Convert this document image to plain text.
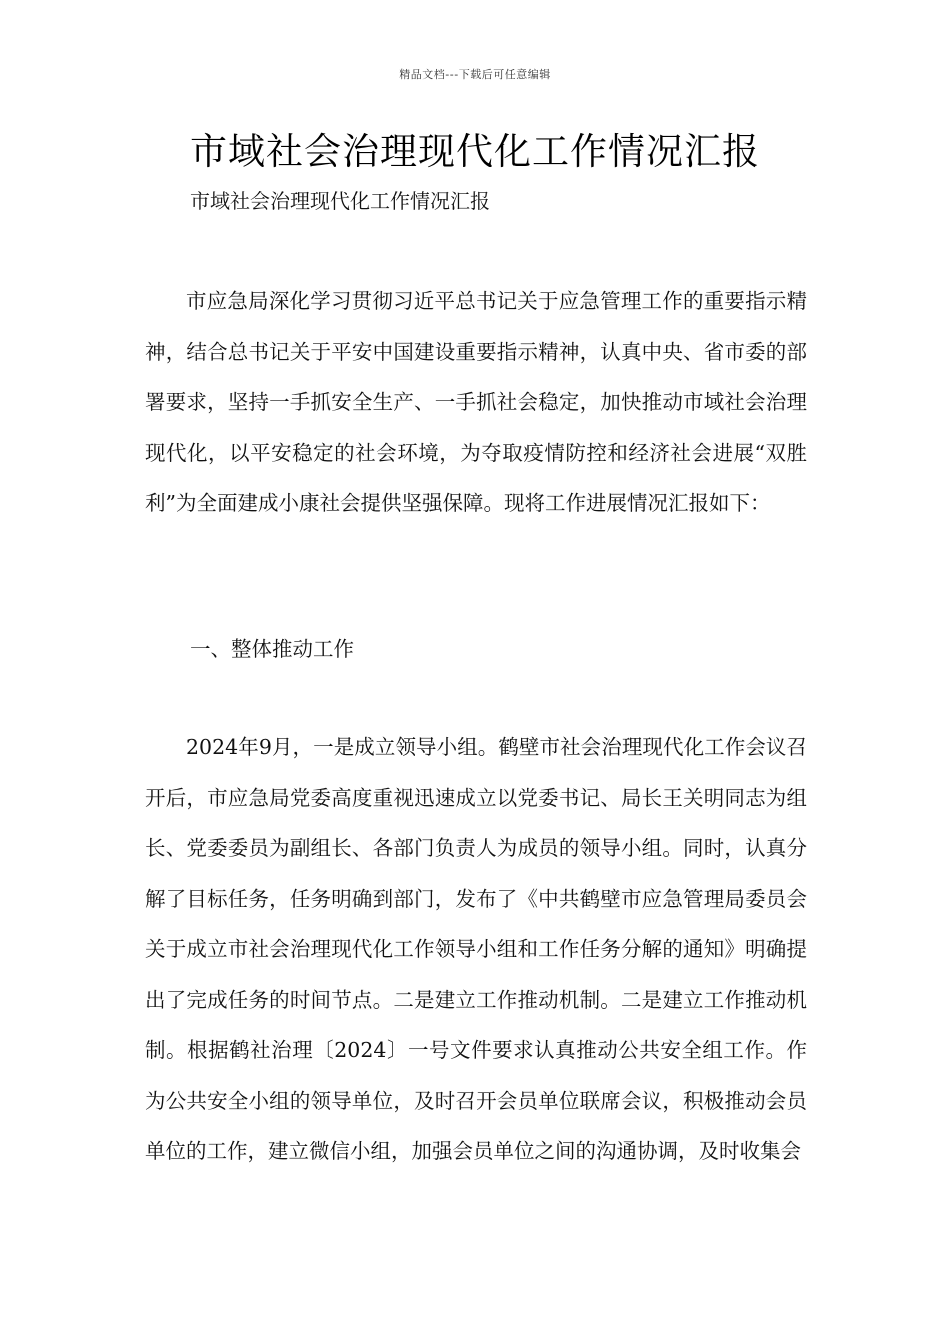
精品文档---下载后可任意编辑
市域社会治理现代化工作情况汇报
市域社会治理现代化工作情况汇报

市应急局深化学习贯彻习近平总书记关于应急管理工作的重要指示精神，结合总书记关于平安中国建设重要指示精神，认真中央、省市委的部署要求，坚持一手抓安全生产、一手抓社会稳定，加快推动市域社会治理现代化，以平安稳定的社会环境，为夺取疫情防控和经济社会进展“双胜利”为全面建成小康社会提供坚强保障。现将工作进展情况汇报如下：

一、整体推动工作

2024年9月，一是成立领导小组。鹤壁市社会治理现代化工作会议召开后，市应急局党委高度重视迅速成立以党委书记、局长王关明同志为组长、党委委员为副组长、各部门负责人为成员的领导小组。同时，认真分解了目标任务，任务明确到部门，发布了《中共鹤壁市应急管理局委员会关于成立市社会治理现代化工作领导小组和工作任务分解的通知》明确提出了完成任务的时间节点。二是建立工作推动机制。二是建立工作推动机制。根据鹤社治理〔2024〕一号文件要求认真推动公共安全组工作。作为公共安全小组的领导单位，及时召开会员单位联席会议，积极推动会员单位的工作，建立微信小组，加强会员单位之间的沟通协调，及时收集会
